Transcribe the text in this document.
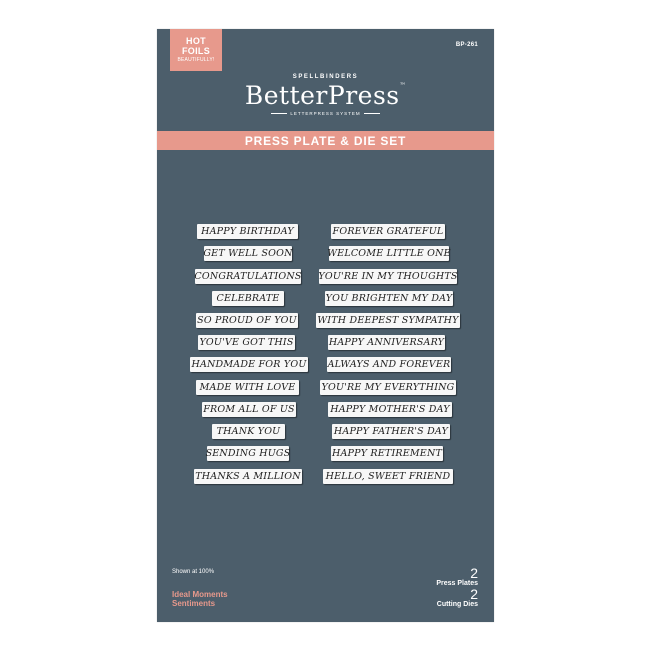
HOT
FOILS
BEAUTIFULLY!
BP-261
SPELLBINDERS
BetterPress™
LETTERPRESS SYSTEM
PRESS PLATE & DIE SET
HAPPY BIRTHDAY
GET WELL SOON
CONGRATULATIONS
CELEBRATE
SO PROUD OF YOU
YOU'VE GOT THIS
HANDMADE FOR YOU
MADE WITH LOVE
FROM ALL OF US
THANK YOU
SENDING HUGS
THANKS A MILLION
FOREVER GRATEFUL
WELCOME LITTLE ONE
YOU'RE IN MY THOUGHTS
YOU BRIGHTEN MY DAY
WITH DEEPEST SYMPATHY
HAPPY ANNIVERSARY
ALWAYS AND FOREVER
YOU'RE MY EVERYTHING
HAPPY MOTHER'S DAY
HAPPY FATHER'S DAY
HAPPY RETIREMENT
HELLO, SWEET FRIEND
Shown at 100%
Ideal Moments
Sentiments
2
Press Plates
2
Cutting Dies
